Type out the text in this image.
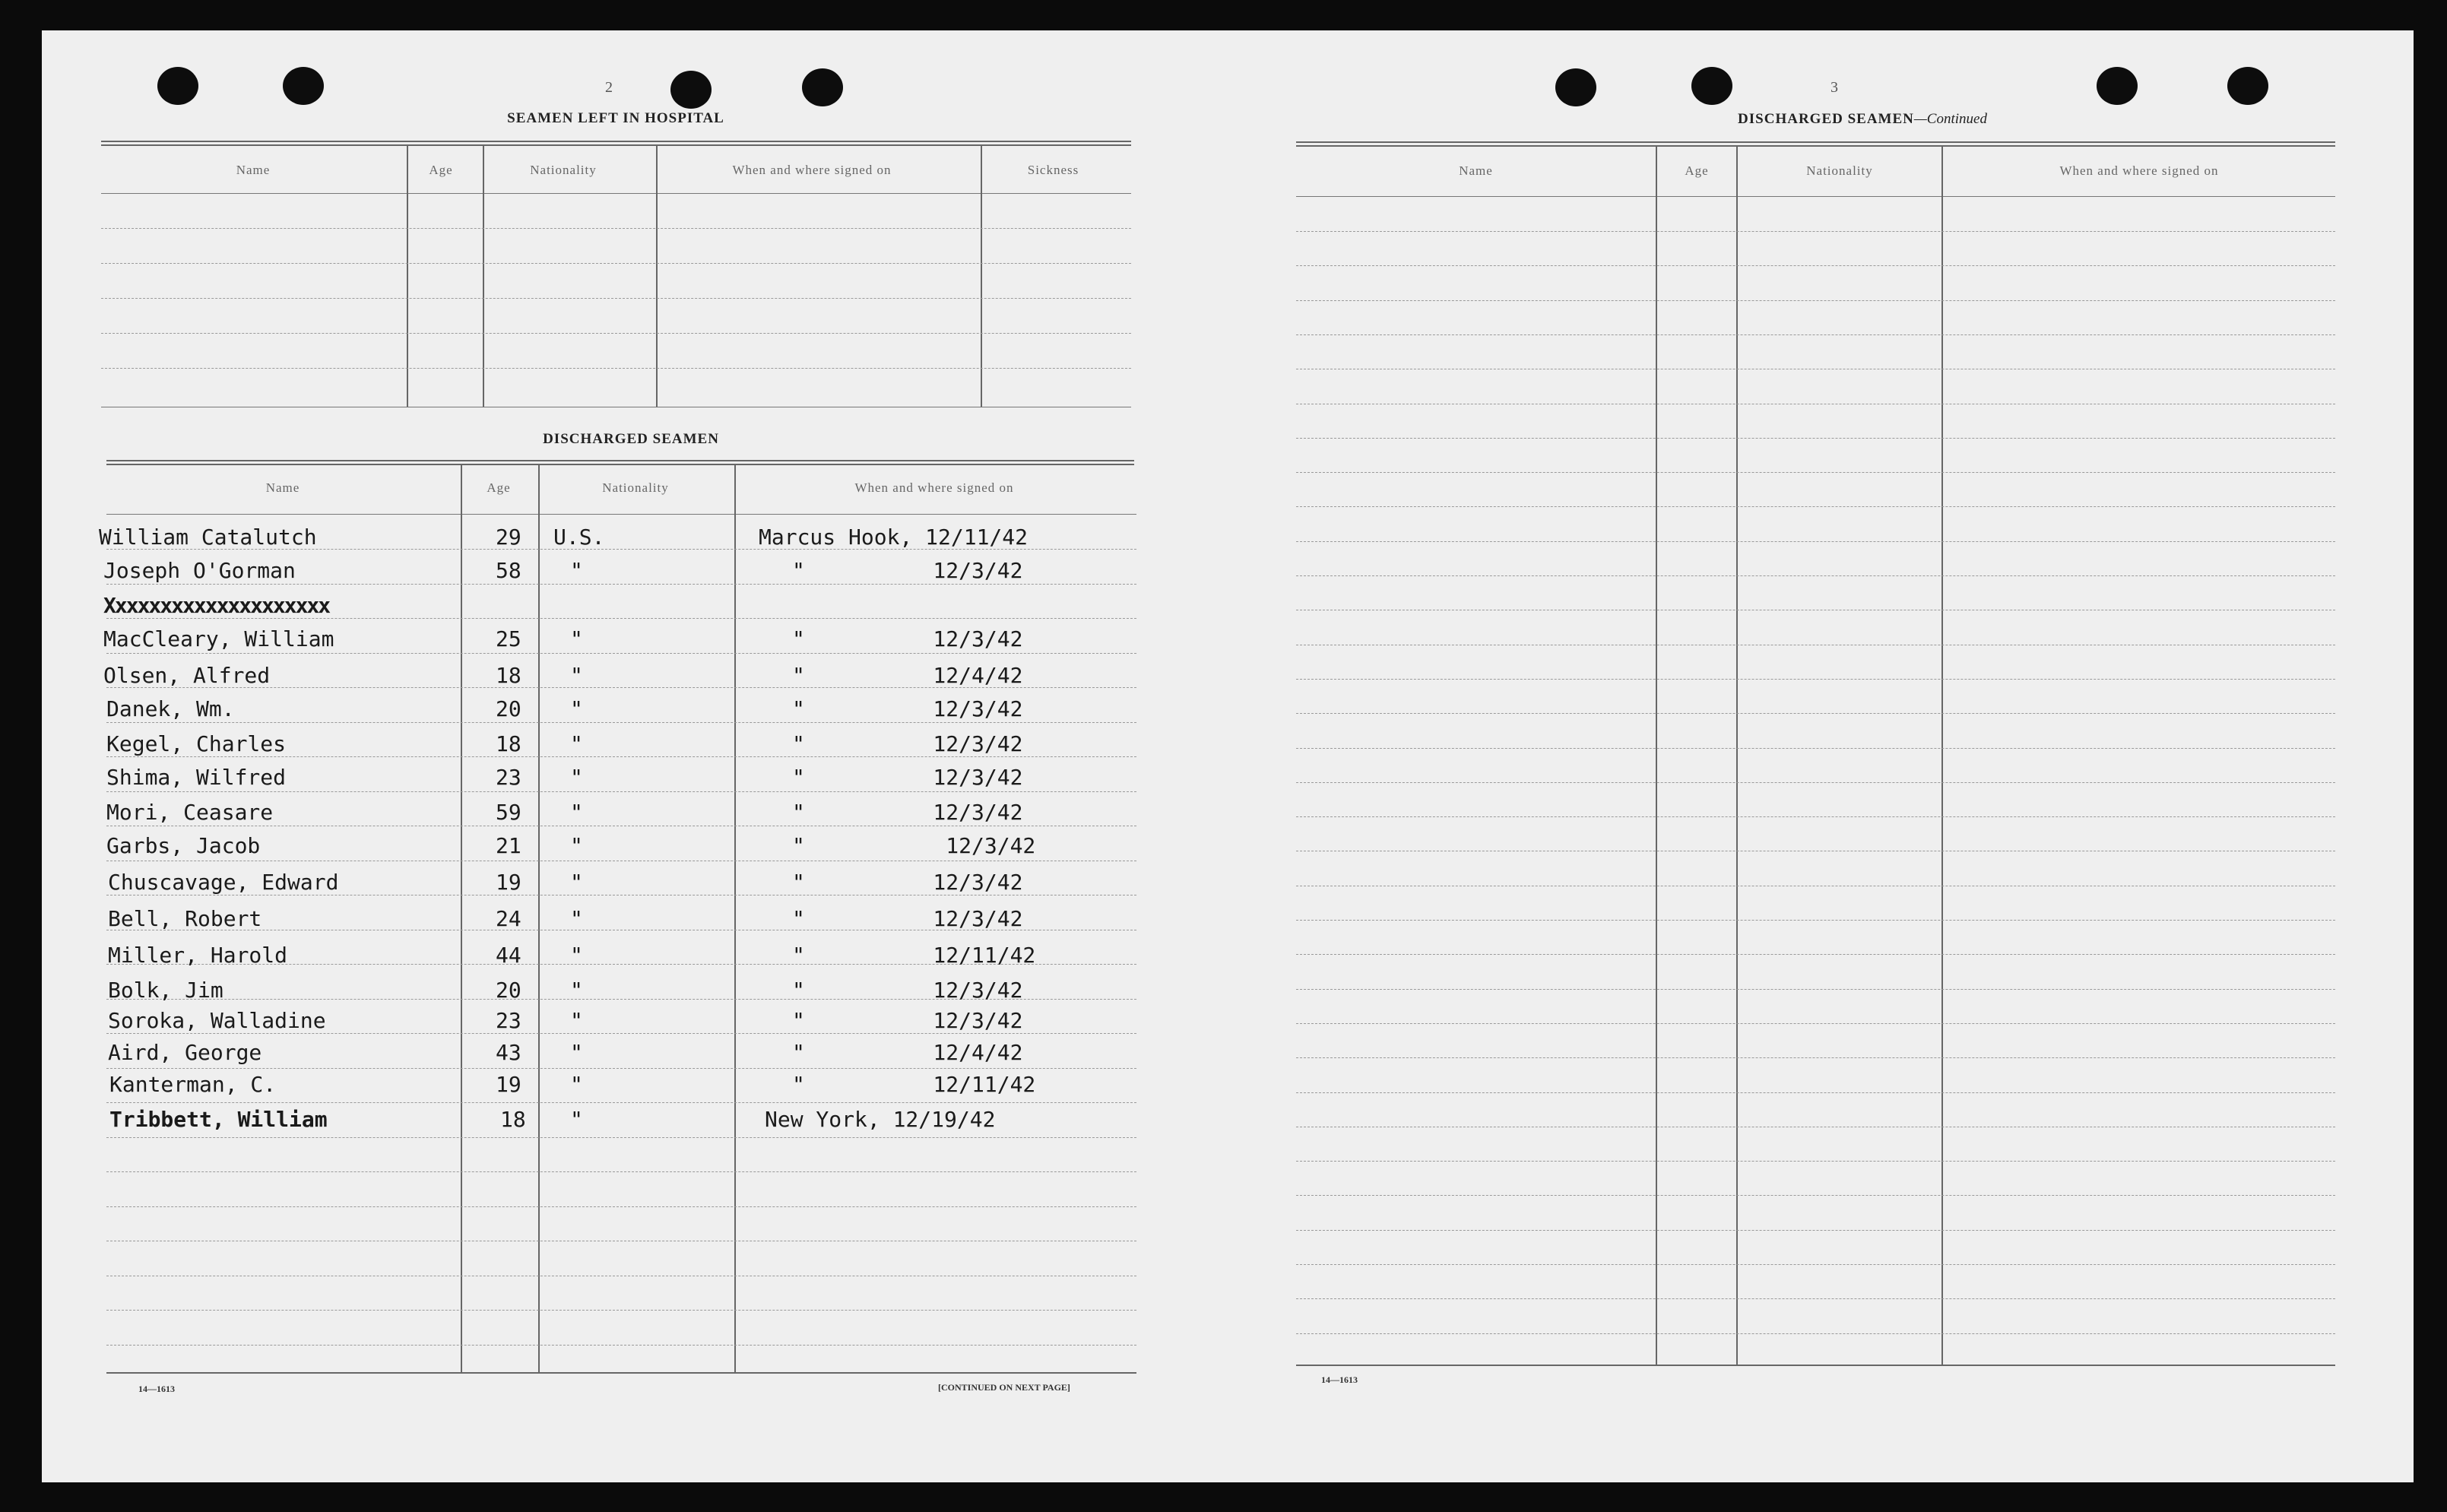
2
SEAMEN LEFT IN HOSPITAL
Name	Age	Nationality	When and where signed on	Sickness
DISCHARGED SEAMEN
Name	Age	Nationality	When and where signed on
William Catalutch	29 U.S.	Marcus Hook, 12/11/42
Joseph O'Gorman	58 "	"          12/3/42
Xxxxxxxxxxxxxxxxxxxx
MacCleary, William	25 "	"          12/3/42
Olsen, Alfred	18 "	"          12/4/42
Danek, Wm.	20 "	"          12/3/42
Kegel, Charles	18 "	"          12/3/42
Shima, Wilfred	23 "	"          12/3/42
Mori, Ceasare	59 "	"          12/3/42
Garbs, Jacob	21 "	"           12/3/42
Chuscavage, Edward	19 "	"          12/3/42
Bell, Robert	24 "	"          12/3/42
Miller, Harold	44 "	"          12/11/42
Bolk, Jim	20 "	"          12/3/42
Soroka, Walladine	23 "	"          12/3/42
Aird, George	43 "	"          12/4/42
Kanterman, C.	19 "	"          12/11/42
Tribbett, William	18 "	New York, 12/19/42
14—1613	[CONTINUED ON NEXT PAGE]
3
DISCHARGED SEAMEN—Continued
Name	Age	Nationality	When and where signed on
14—1613
